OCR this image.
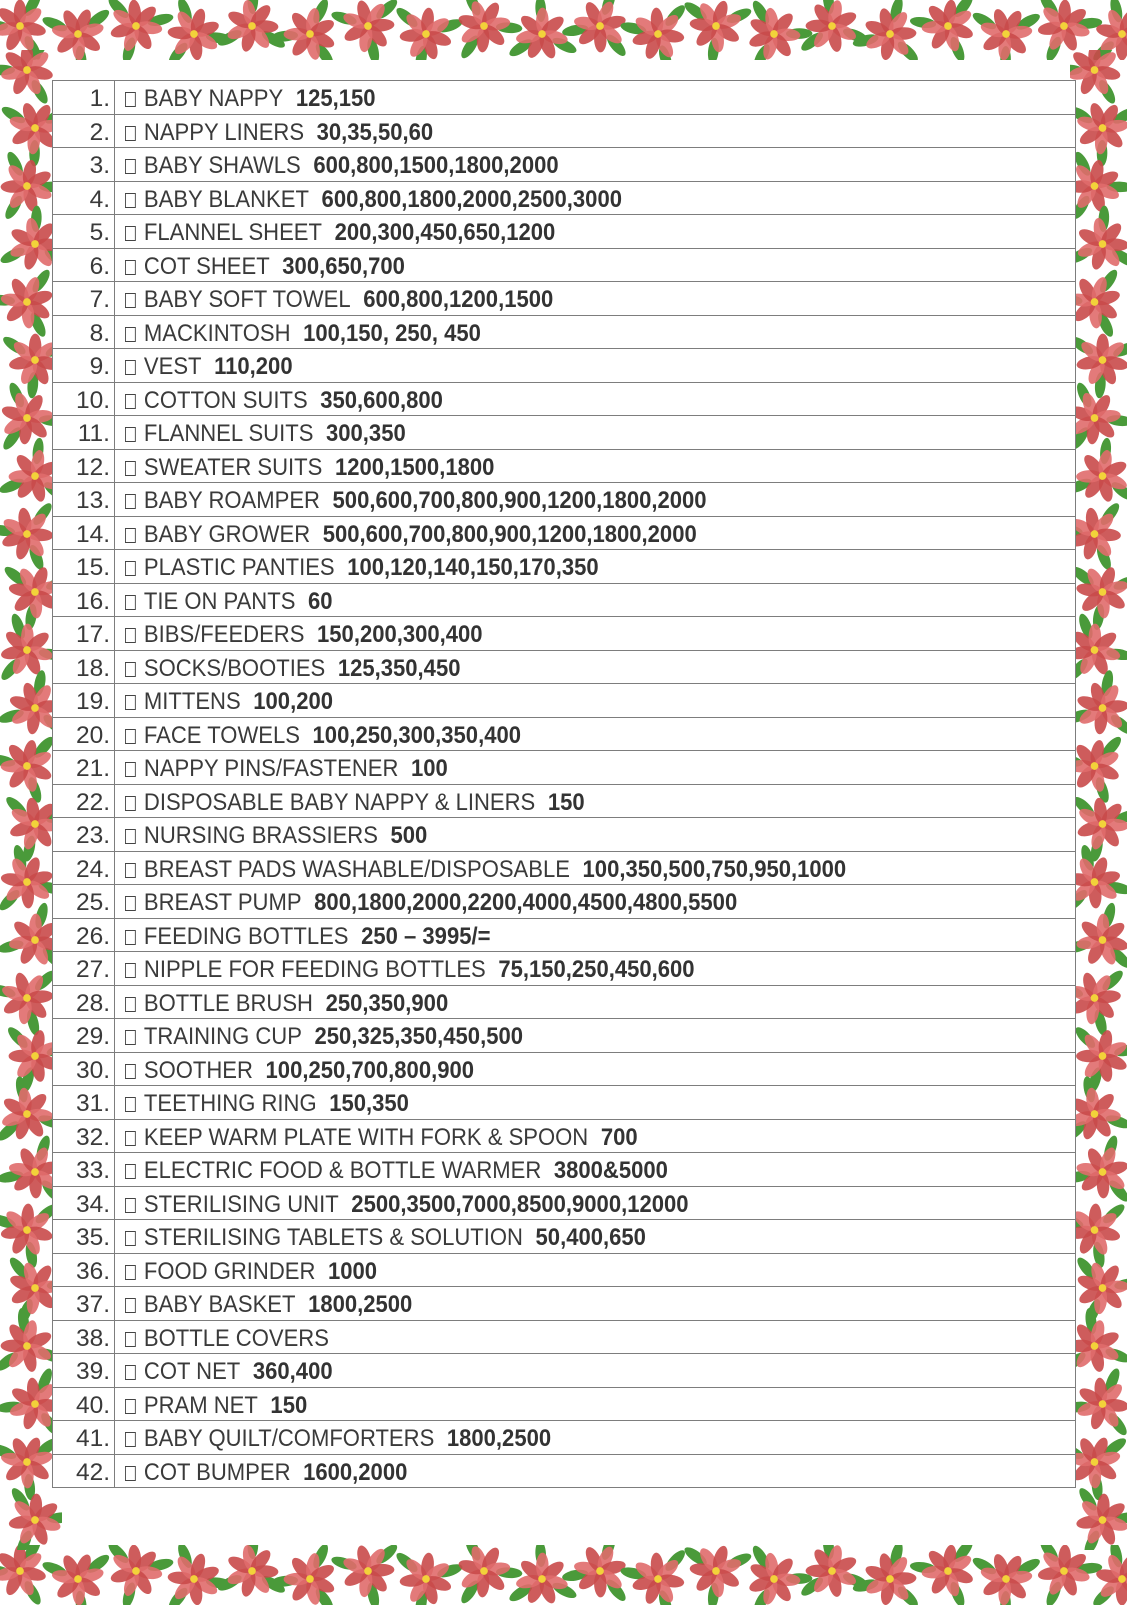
1.	BABY NAPPY 125,150
2.	NAPPY LINERS 30,35,50,60
3.	BABY SHAWLS 600,800,1500,1800,2000
4.	BABY BLANKET 600,800,1800,2000,2500,3000
5.	FLANNEL SHEET 200,300,450,650,1200
6.	COT SHEET 300,650,700
7.	BABY SOFT TOWEL 600,800,1200,1500
8.	MACKINTOSH 100,150, 250, 450
9.	VEST 110,200
10.	COTTON SUITS 350,600,800
11.	FLANNEL SUITS 300,350
12.	SWEATER SUITS 1200,1500,1800
13.	BABY ROAMPER 500,600,700,800,900,1200,1800,2000
14.	BABY GROWER 500,600,700,800,900,1200,1800,2000
15.	PLASTIC PANTIES 100,120,140,150,170,350
16.	TIE ON PANTS 60
17.	BIBS/FEEDERS 150,200,300,400
18.	SOCKS/BOOTIES 125,350,450
19.	MITTENS 100,200
20.	FACE TOWELS 100,250,300,350,400
21.	NAPPY PINS/FASTENER 100
22.	DISPOSABLE BABY NAPPY & LINERS 150
23.	NURSING BRASSIERS 500
24.	BREAST PADS WASHABLE/DISPOSABLE 100,350,500,750,950,1000
25.	BREAST PUMP 800,1800,2000,2200,4000,4500,4800,5500
26.	FEEDING BOTTLES 250 – 3995/=
27.	NIPPLE FOR FEEDING BOTTLES 75,150,250,450,600
28.	BOTTLE BRUSH 250,350,900
29.	TRAINING CUP 250,325,350,450,500
30.	SOOTHER 100,250,700,800,900
31.	TEETHING RING 150,350
32.	KEEP WARM PLATE WITH FORK & SPOON 700
33.	ELECTRIC FOOD & BOTTLE WARMER 3800&5000
34.	STERILISING UNIT 2500,3500,7000,8500,9000,12000
35.	STERILISING TABLETS & SOLUTION 50,400,650
36.	FOOD GRINDER 1000
37.	BABY BASKET 1800,2500
38.	BOTTLE COVERS
39.	COT NET 360,400
40.	PRAM NET 150
41.	BABY QUILT/COMFORTERS 1800,2500
42.	COT BUMPER 1600,2000
